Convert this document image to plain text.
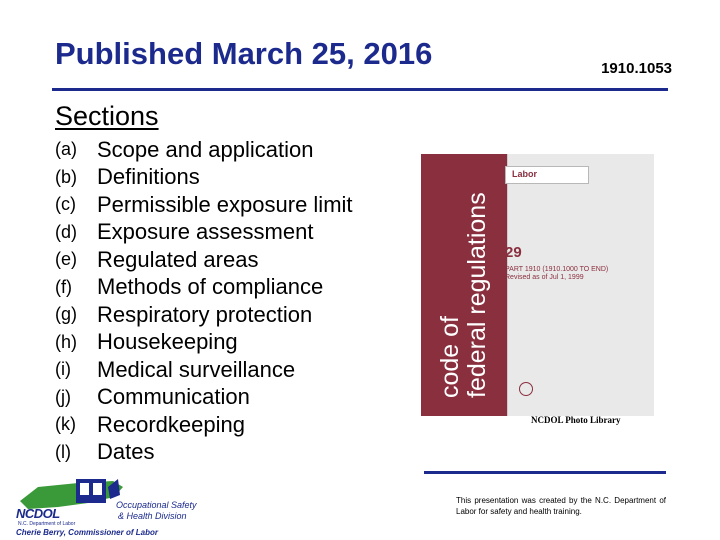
Published March 25, 2016	1910.1053
Sections
(a) Scope and application
(b) Definitions
(c) Permissible exposure limit
(d) Exposure assessment
(e) Regulated areas
(f)	Methods of compliance
(g) Respiratory protection
(h) Housekeeping
(i)	Medical surveillance
(j)	Communication
(k) Recordkeeping
(l)	Dates
code of federal regulations
Labor
29
PART 1910 (1910.1000 TO END)
Revised as of Jul 1, 1999
NCDOL Photo Library
NCDOL
N.C. Department of Labor
Occupational Safety
& Health Division
Cherie Berry, Commissioner of Labor
This presentation was created by the N.C. Department of Labor for safety and health training.
